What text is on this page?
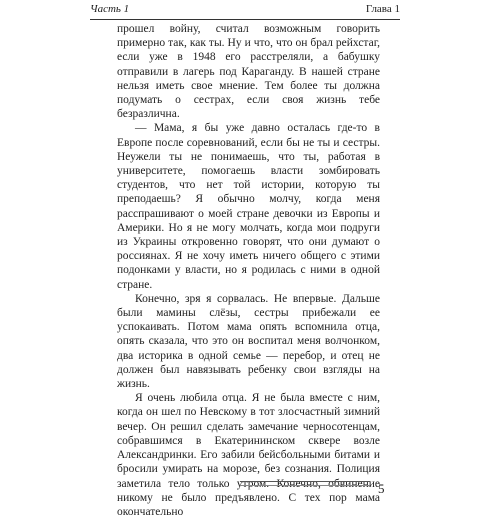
Часть 1	Глава 1

прошел войну, считал возможным говорить примерно так, как ты. Ну и что, что он брал рейхстаг, если уже в 1948 его расстреляли, а бабушку отправили в лагерь под Караганду. В нашей стране нельзя иметь свое мнение. Тем более ты должна подумать о сестрах, если своя жизнь тебе безразлична.

— Мама, я бы уже давно осталась где-то в Европе после соревнований, если бы не ты и сестры. Неужели ты не понимаешь, что ты, работая в университете, помогаешь власти зомбировать студентов, что нет той истории, которую ты преподаешь? Я обычно молчу, когда меня расспрашивают о моей стране девочки из Европы и Америки. Но я не могу молчать, когда мои подруги из Украины откровенно говорят, что они думают о россиянах. Я не хочу иметь ничего общего с этими подонками у власти, но я родилась с ними в одной стране.

Конечно, зря я сорвалась. Не впервые. Дальше были мамины слёзы, сестры прибежали ее успокаивать. Потом мама опять вспомнила отца, опять сказала, что это он воспитал меня волчонком, два историка в одной семье — перебор, и отец не должен был навязывать ребенку свои взгляды на жизнь.

Я очень любила отца. Я не была вместе с ним, когда он шел по Невскому в тот злосчастный зимний вечер. Он решил сделать замечание черносотенцам, собравшимся в Екатерининском сквере возле Александринки. Его забили бейсбольными битами и бросили умирать на морозе, без сознания. Полиция заметила тело только утром. Конечно, обвинение никому не было предъявлено. С тех пор мама окончательно

5
